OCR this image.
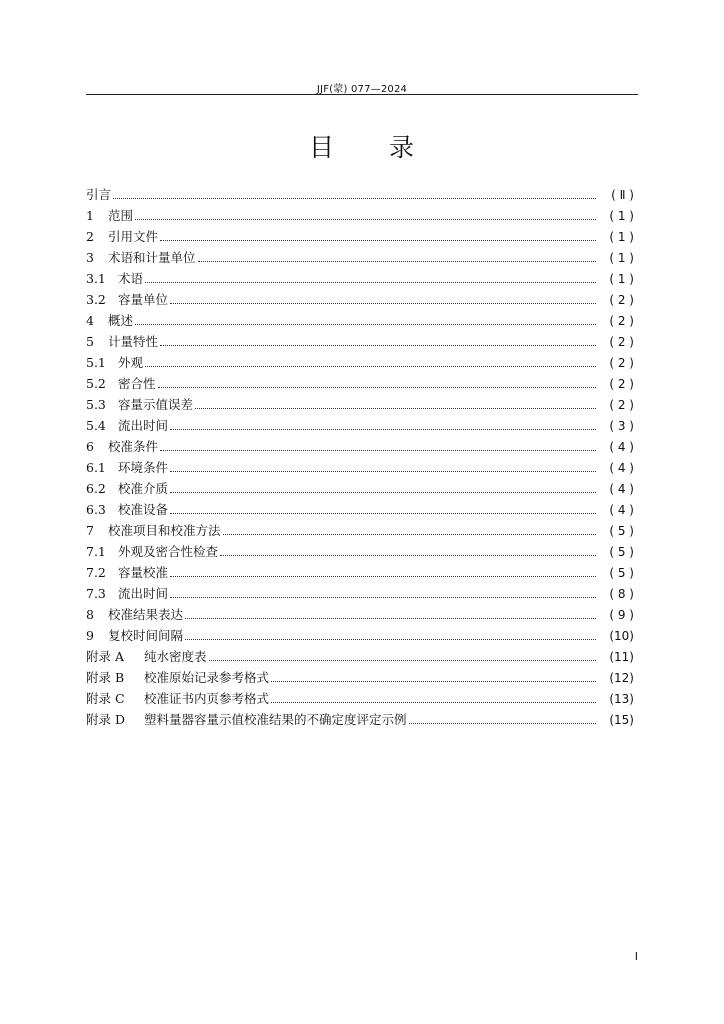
JJF(蒙) 077—2024
目 录
引言	( Ⅱ )
1	范围	( 1 )
2	引用文件	( 1 )
3	术语和计量单位	( 1 )
3.1 术语	( 1 )
3.2 容量单位	( 2 )
4	概述	( 2 )
5	计量特性	( 2 )
5.1 外观	( 2 )
5.2 密合性	( 2 )
5.3 容量示值误差	( 2 )
5.4 流出时间	( 3 )
6	校准条件	( 4 )
6.1 环境条件	( 4 )
6.2 校准介质	( 4 )
6.3 校准设备	( 4 )
7	校准项目和校准方法	( 5 )
7.1 外观及密合性检查	( 5 )
7.2 容量校准	( 5 )
7.3 流出时间	( 8 )
8	校准结果表达	( 9 )
9	复校时间间隔	(10)
附录 A	纯水密度表	(11)
附录 B	校准原始记录参考格式	(12)
附录 C	校准证书内页参考格式	(13)
附录 D	塑料量器容量示值校准结果的不确定度评定示例	(15)
Ⅰ
